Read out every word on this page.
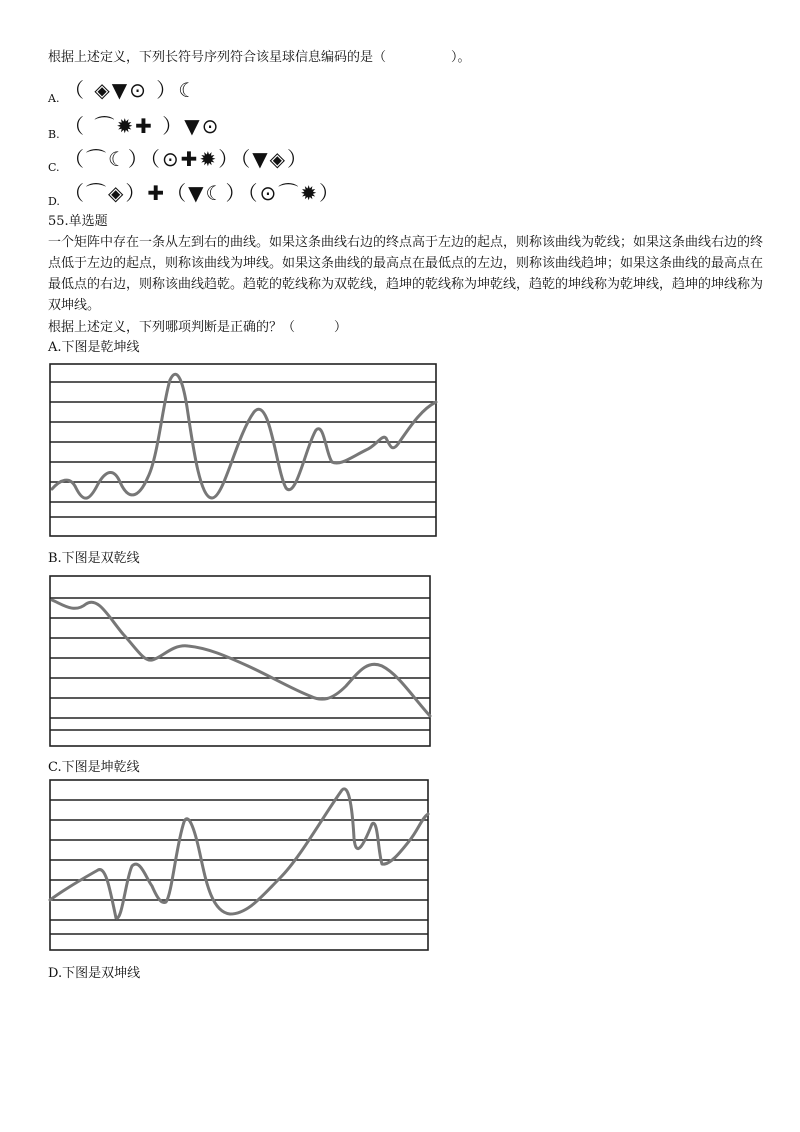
根据上述定义，下列长符号序列符合该星球信息编码的是（　　　　　）。
A. （ ◈▼⊙ ）☾
B. （ ⌒✹✚ ）▼⊙
C. （⌒☾）（⊙✚✹）（▼◈）
D. （⌒◈）✚（▼☾）（⊙⌒✹）
55.单选题
一个矩阵中存在一条从左到右的曲线。如果这条曲线右边的终点高于左边的起点，则称该曲线为乾线；如果这条曲线右边的终点低于左边的起点，则称该曲线为坤线。如果这条曲线的最高点在最低点的左边，则称该曲线趋坤；如果这条曲线的最高点在最低点的右边，则称该曲线趋乾。趋乾的乾线称为双乾线，趋坤的乾线称为坤乾线，趋乾的坤线称为乾坤线，趋坤的坤线称为双坤线。
根据上述定义，下列哪项判断是正确的？（　　　）
A.下图是乾坤线
B.下图是双乾线
C.下图是坤乾线
D.下图是双坤线
